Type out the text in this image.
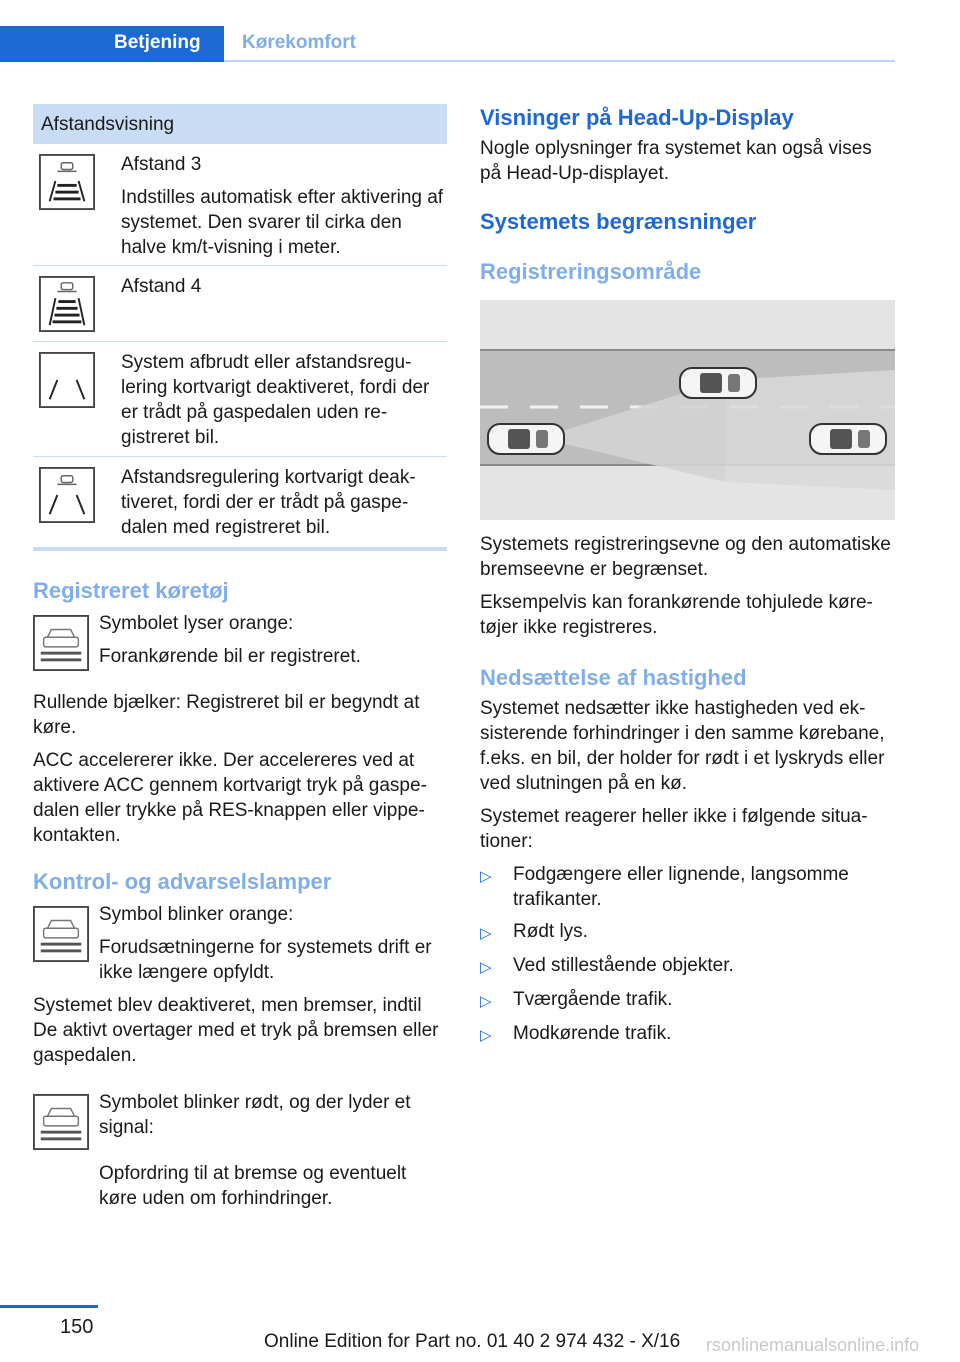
Betjening	Kørekomfort
Afstandsvisning

Afstand 3

Indstilles automatisk efter aktivering af systemet. Den svarer til cirka den halve km/t-visning i meter.

Afstand 4

System afbrudt eller afstandsregulering kortvarigt deaktiveret, fordi der er trådt på gaspedalen uden registreret bil.

Afstandsregulering kortvarigt deaktiveret, fordi der er trådt på gaspedalen med registreret bil.

Registreret køretøj

Symbolet lyser orange:

Forankørende bil er registreret.

Rullende bjælker: Registreret bil er begyndt at køre.

ACC accelererer ikke. Der accelereres ved at aktivere ACC gennem kortvarigt tryk på gaspedalen eller trykke på RES-knappen eller vippekontakten.

Kontrol- og advarselslamper

Symbol blinker orange:

Forudsætningerne for systemets drift er ikke længere opfyldt.

Systemet blev deaktiveret, men bremser, indtil De aktivt overtager med et tryk på bremsen eller gaspedalen.

Symbolet blinker rødt, og der lyder et signal:

Opfordring til at bremse og eventuelt køre uden om forhindringer.

Visninger på Head-Up-Display

Nogle oplysninger fra systemet kan også vises på Head-Up-displayet.

Systemets begrænsninger
Registreringsområde

Systemets registreringsevne og den automatiske bremseevne er begrænset.

Eksempelvis kan forankørende tohjulede køretøjer ikke registreres.

Nedsættelse af hastighed

Systemet nedsætter ikke hastigheden ved eksisterende forhindringer i den samme kørebane, f.eks. en bil, der holder for rødt i et lyskryds eller ved slutningen på en kø.

Systemet reagerer heller ikke i følgende situationer:

▷	Fodgængere eller lignende, langsomme trafikanter.
▷	Rødt lys.
▷	Ved stillestående objekter.
▷	Tværgående trafik.
▷	Modkørende trafik.
150
Online Edition for Part no. 01 40 2 974 432 - X/16 rsonlinemanualsonline.info
